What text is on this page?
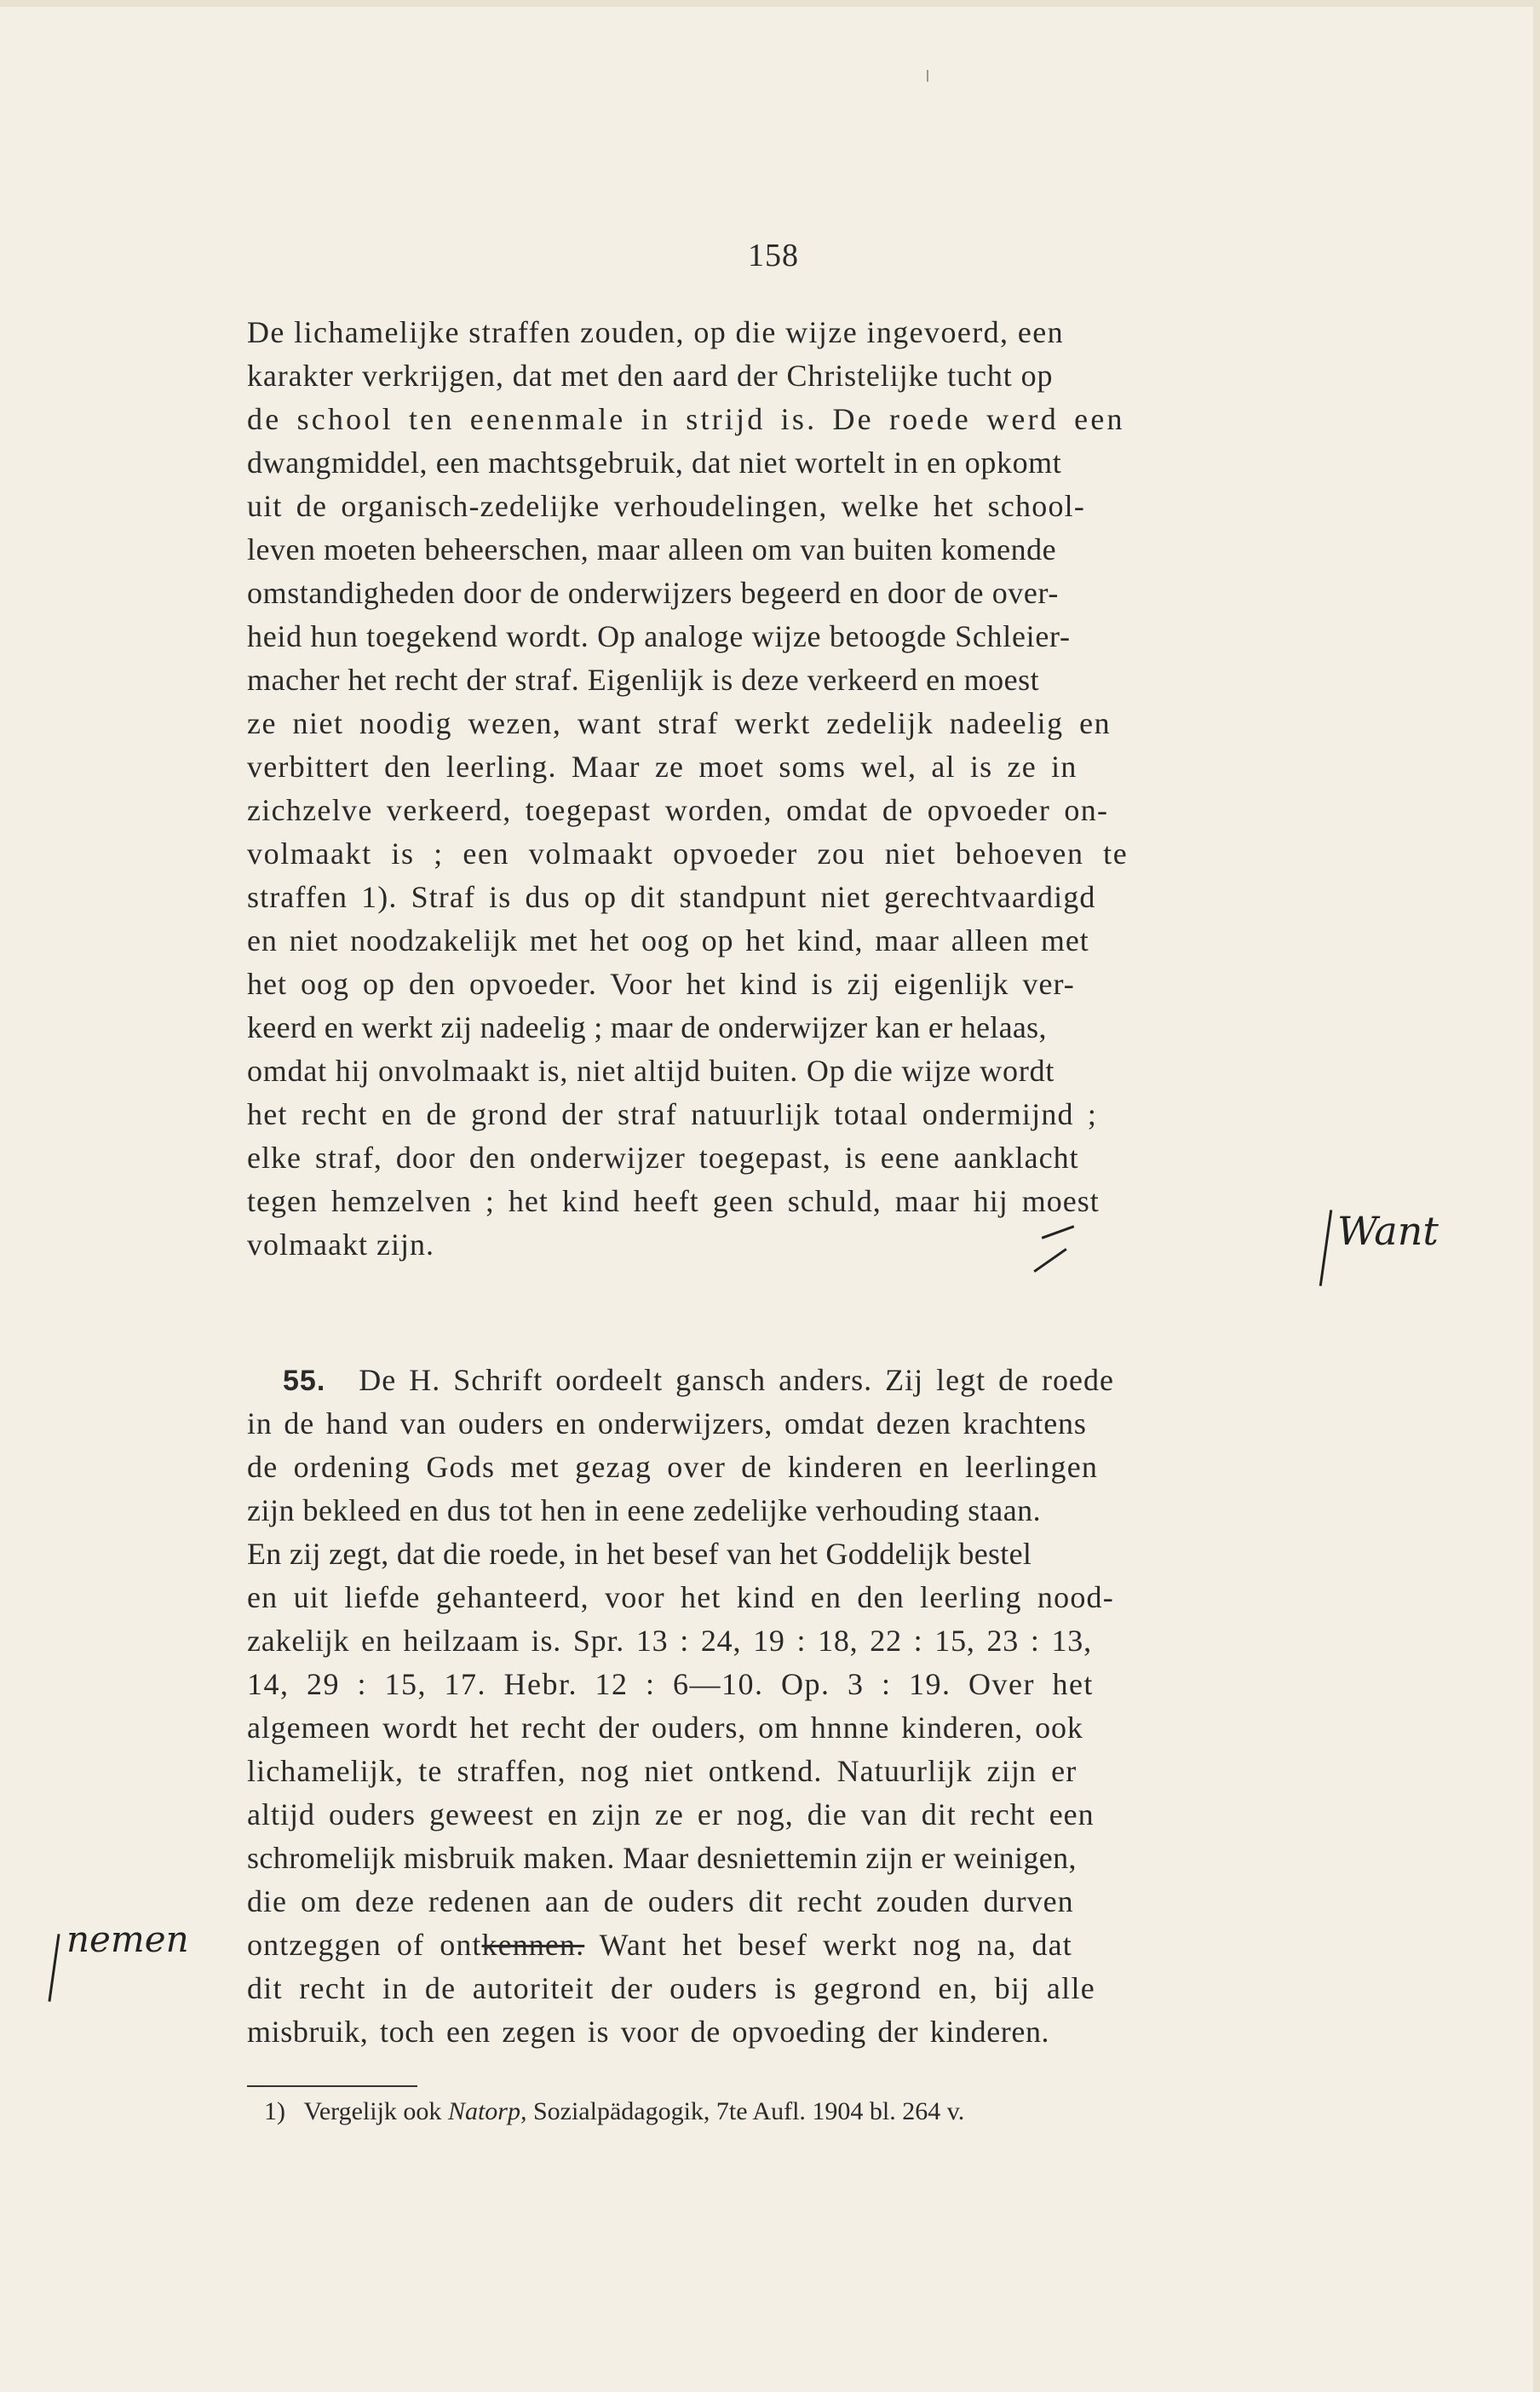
158
De lichamelijke straffen zouden, op die wijze ingevoerd, een
karakter verkrijgen, dat met den aard der Christelijke tucht op
de school ten eenenmale in strijd is. De roede werd een
dwangmiddel, een machtsgebruik, dat niet wortelt in en opkomt
uit de organisch-zedelijke verhoudelingen, welke het school-
leven moeten beheerschen, maar alleen om van buiten komende
omstandigheden door de onderwijzers begeerd en door de over-
heid hun toegekend wordt. Op analoge wijze betoogde Schleier-
macher het recht der straf. Eigenlijk is deze verkeerd en moest
ze niet noodig wezen, want straf werkt zedelijk nadeelig en
verbittert den leerling. Maar ze moet soms wel, al is ze in
zichzelve verkeerd, toegepast worden, omdat de opvoeder on-
volmaakt is ; een volmaakt opvoeder zou niet behoeven te
straffen 1). Straf is dus op dit standpunt niet gerechtvaardigd
en niet noodzakelijk met het oog op het kind, maar alleen met
het oog op den opvoeder. Voor het kind is zij eigenlijk ver-
keerd en werkt zij nadeelig ; maar de onderwijzer kan er helaas,
omdat hij onvolmaakt is, niet altijd buiten. Op die wijze wordt
het recht en de grond der straf natuurlijk totaal ondermijnd ;
elke straf, door den onderwijzer toegepast, is eene aanklacht
tegen hemzelven ; het kind heeft geen schuld, maar hij moest
volmaakt zijn.	Want
55. De H. Schrift oordeelt gansch anders. Zij legt de roede
in de hand van ouders en onderwijzers, omdat dezen krachtens
de ordening Gods met gezag over de kinderen en leerlingen
zijn bekleed en dus tot hen in eene zedelijke verhouding staan.
En zij zegt, dat die roede, in het besef van het Goddelijk bestel
en uit liefde gehanteerd, voor het kind en den leerling nood-
zakelijk en heilzaam is. Spr. 13 : 24, 19 : 18, 22 : 15, 23 : 13,
14, 29 : 15, 17. Hebr. 12 : 6—10. Op. 3 : 19. Over het
algemeen wordt het recht der ouders, om hnnne kinderen, ook
lichamelijk, te straffen, nog niet ontkend. Natuurlijk zijn er
altijd ouders geweest en zijn ze er nog, die van dit recht een
schromelijk misbruik maken. Maar desniettemin zijn er weinigen,
die om deze redenen aan de ouders dit recht zouden durven
ontzeggen of ontkennen. Want het besef werkt nog na, dat
dit recht in de autoriteit der ouders is gegrond en, bij alle
misbruik, toch een zegen is voor de opvoeding der kinderen.
nemen
1) Vergelijk ook Natorp, Sozialpädagogik, 7te Aufl. 1904 bl. 264 v.
